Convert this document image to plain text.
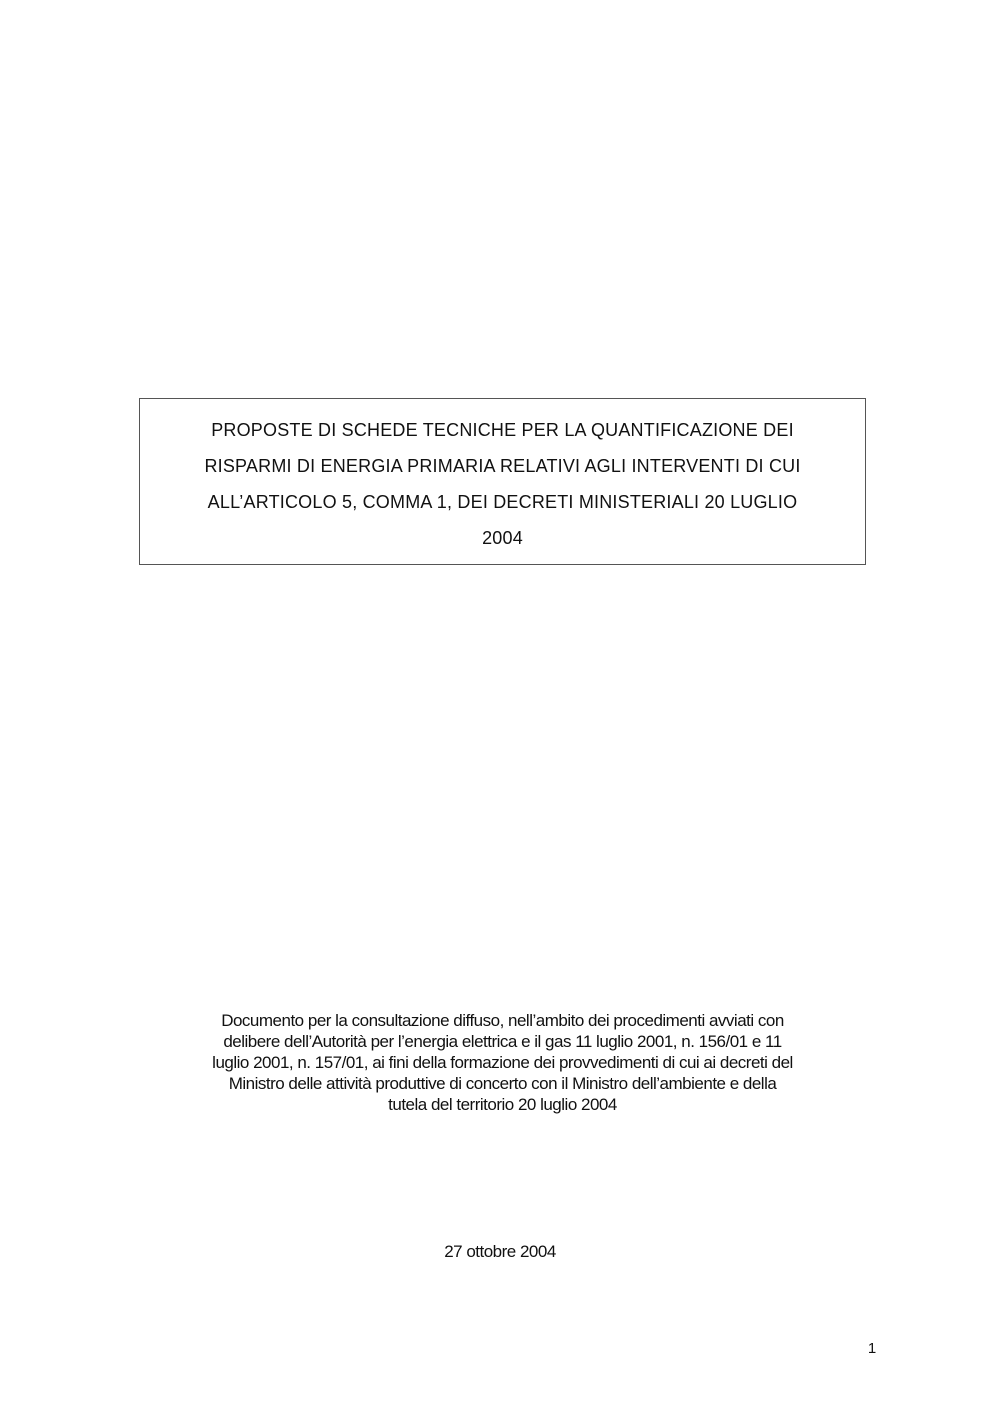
PROPOSTE DI SCHEDE TECNICHE PER LA QUANTIFICAZIONE DEI
RISPARMI DI ENERGIA PRIMARIA RELATIVI AGLI INTERVENTI DI CUI
ALL’ARTICOLO 5, COMMA 1, DEI DECRETI MINISTERIALI 20 LUGLIO
2004
Documento per la consultazione diffuso, nell’ambito dei procedimenti avviati con
delibere dell’Autorità per l’energia elettrica e il gas 11 luglio 2001, n. 156/01 e 11
luglio 2001, n. 157/01, ai fini della formazione dei provvedimenti di cui ai decreti del
Ministro delle attività produttive di concerto con il Ministro dell’ambiente e della
tutela del territorio 20 luglio 2004
27 ottobre 2004
1
